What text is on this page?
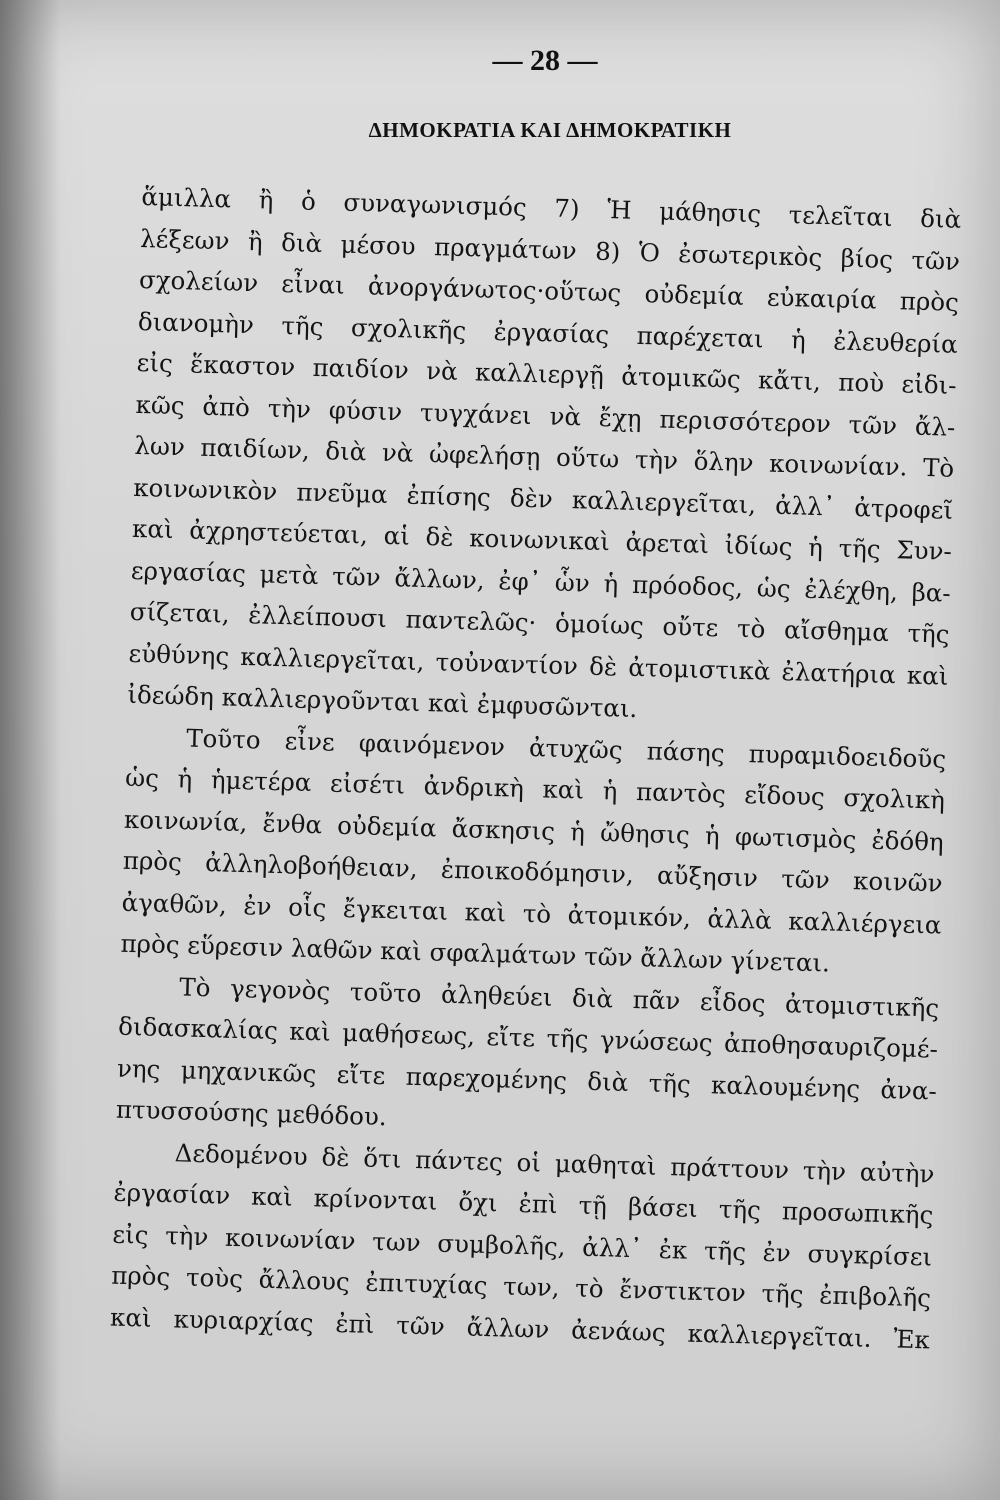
— 28 —
ΔΗΜΟΚΡΑΤΙΑ ΚΑΙ ΔΗΜΟΚΡΑΤΙΚΗ
ἅμιλλα ἢ ὁ συναγωνισμός 7) Ἡ μάθησις τελεῖται διὰ
λέξεων ἢ διὰ μέσου πραγμάτων 8) Ὁ ἐσωτερικὸς βίος τῶν
σχολείων εἶναι ἀνοργάνωτος·οὕτως οὐδεμία εὐκαιρία πρὸς
διανομὴν τῆς σχολικῆς ἐργασίας παρέχεται ἡ ἐλευθερία
εἰς ἕκαστον παιδίον νὰ καλλιεργῇ ἀτομικῶς κἄτι, ποὺ εἰδι-
κῶς ἀπὸ τὴν φύσιν τυγχάνει νὰ ἔχῃ περισσότερον τῶν ἄλ-
λων παιδίων, διὰ νὰ ὠφελήσῃ οὕτω τὴν ὅλην κοινωνίαν. Τὸ
κοινωνικὸν πνεῦμα ἐπίσης δὲν καλλιεργεῖται, ἀλλ᾽ ἀτροφεῖ
καὶ ἀχρηστεύεται, αἱ δὲ κοινωνικαὶ ἀρεταὶ ἰδίως ἡ τῆς Συν-
εργασίας μετὰ τῶν ἄλλων, ἐφ᾽ ὧν ἡ πρόοδος, ὡς ἐλέχθη, βα-
σίζεται, ἐλλείπουσι παντελῶς· ὁμοίως οὔτε τὸ αἴσθημα τῆς
εὐθύνης καλλιεργεῖται, τοὐναντίον δὲ ἀτομιστικὰ ἐλατήρια καὶ
ἰδεώδη καλλιεργοῦνται καὶ ἐμφυσῶνται.
Τοῦτο εἶνε φαινόμενον ἀτυχῶς πάσης πυραμιδοειδοῦς
ὡς ἡ ἡμετέρα εἰσέτι ἀνδρικὴ καὶ ἡ παντὸς εἴδους σχολικὴ
κοινωνία, ἔνθα οὐδεμία ἄσκησις ἡ ὤθησις ἡ φωτισμὸς ἐδόθη
πρὸς ἀλληλοβοήθειαν, ἐποικοδόμησιν, αὔξησιν τῶν κοινῶν
ἀγαθῶν, ἐν οἷς ἔγκειται καὶ τὸ ἀτομικόν, ἀλλὰ καλλιέργεια
πρὸς εὕρεσιν λαθῶν καὶ σφαλμάτων τῶν ἄλλων γίνεται.
Τὸ γεγονὸς τοῦτο ἀληθεύει διὰ πᾶν εἶδος ἀτομιστικῆς
διδασκαλίας καὶ μαθήσεως, εἴτε τῆς γνώσεως ἀποθησαυριζομέ-
νης μηχανικῶς εἴτε παρεχομένης διὰ τῆς καλουμένης ἀνα-
πτυσσούσης μεθόδου.
Δεδομένου δὲ ὅτι πάντες οἱ μαθηταὶ πράττουν τὴν αὐτὴν
ἐργασίαν καὶ κρίνονται ὄχι ἐπὶ τῇ βάσει τῆς προσωπικῆς
εἰς τὴν κοινωνίαν των συμβολῆς, ἀλλ᾽ ἐκ τῆς ἐν συγκρίσει
πρὸς τοὺς ἄλλους ἐπιτυχίας των, τὸ ἔνστικτον τῆς ἐπιβολῆς
καὶ κυριαρχίας ἐπὶ τῶν ἄλλων ἀενάως καλλιεργεῖται. Ἐκ
